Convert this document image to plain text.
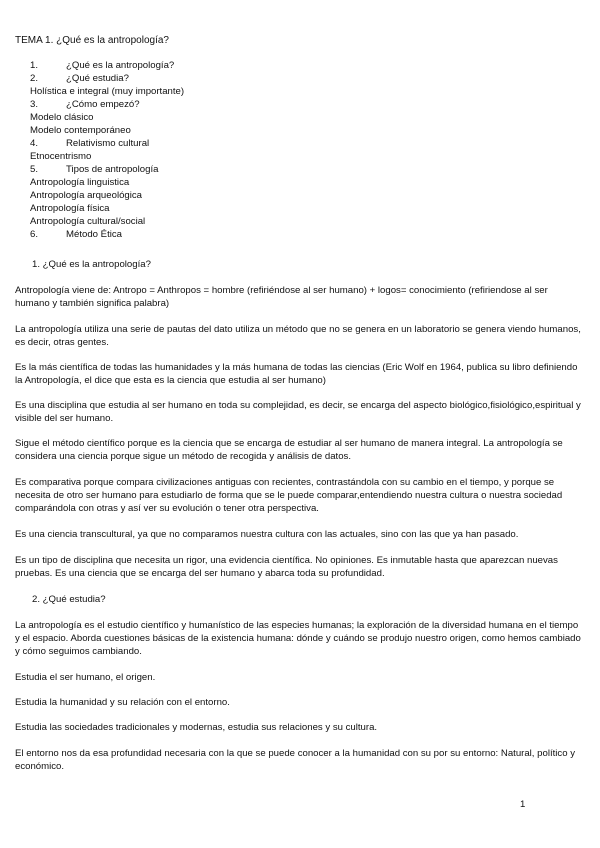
TEMA 1. ¿Qué es la antropología?
1.	¿Qué es la antropología?
2.	¿Qué estudia?
Holística e integral (muy importante)
3.	¿Cómo empezó?
Modelo clásico
Modelo contemporáneo
4.	Relativismo cultural
Etnocentrismo
5.	Tipos de antropología
Antropología linguistica
Antropología arqueológica
Antropología física
Antropología cultural/social
6.	Método Ética
1. ¿Qué es la antropología?
Antropología viene de: Antropo = Anthropos = hombre (refiriéndose al ser humano) + logos= conocimiento (refiriendose al ser humano y también significa palabra)
La antropología utiliza una serie de pautas del dato utiliza un método que no se genera en un laboratorio se genera viendo humanos, es decir, otras gentes.
Es la más científica de todas las humanidades y la más humana de todas las ciencias (Eric Wolf en 1964, publica su libro definiendo la Antropología, el dice que esta es la ciencia que estudia al ser humano)
Es una disciplina que estudia al ser humano en toda su complejidad, es decir, se encarga del aspecto biológico,fisiológico,espiritual y visible del ser humano.
Sigue el método científico porque es la ciencia que se encarga de estudiar al ser humano de manera integral. La antropología se considera una ciencia porque sigue un método de recogida y análisis de datos.
Es comparativa porque compara civilizaciones antiguas con recientes, contrastándola con su cambio en el tiempo, y porque se necesita de otro ser humano para estudiarlo de forma que se le puede comparar,entendiendo nuestra cultura o nuestra sociedad comparándola con otras y así ver su evolución o tener otra perspectiva.
Es una ciencia transcultural, ya que no comparamos nuestra cultura con las actuales, sino con las que ya han pasado.
Es un tipo de disciplina que necesita un rigor, una evidencia científica. No opiniones. Es inmutable hasta que aparezcan nuevas pruebas. Es una ciencia que se encarga del ser humano y abarca toda su profundidad.
2. ¿Qué estudia?
La antropología es el estudio científico y humanístico de las especies humanas; la exploración de la diversidad humana en el tiempo y el espacio. Aborda cuestiones básicas de la existencia humana: dónde y cuándo se produjo nuestro origen, como hemos cambiado y cómo seguimos cambiando.
Estudia el ser humano, el origen.
Estudia la humanidad y su relación con el entorno.
Estudia las sociedades tradicionales y modernas, estudia sus relaciones y su cultura.
El entorno nos da esa profundidad necesaria con la que se puede conocer a la humanidad con su por su entorno: Natural, político y económico.
1
